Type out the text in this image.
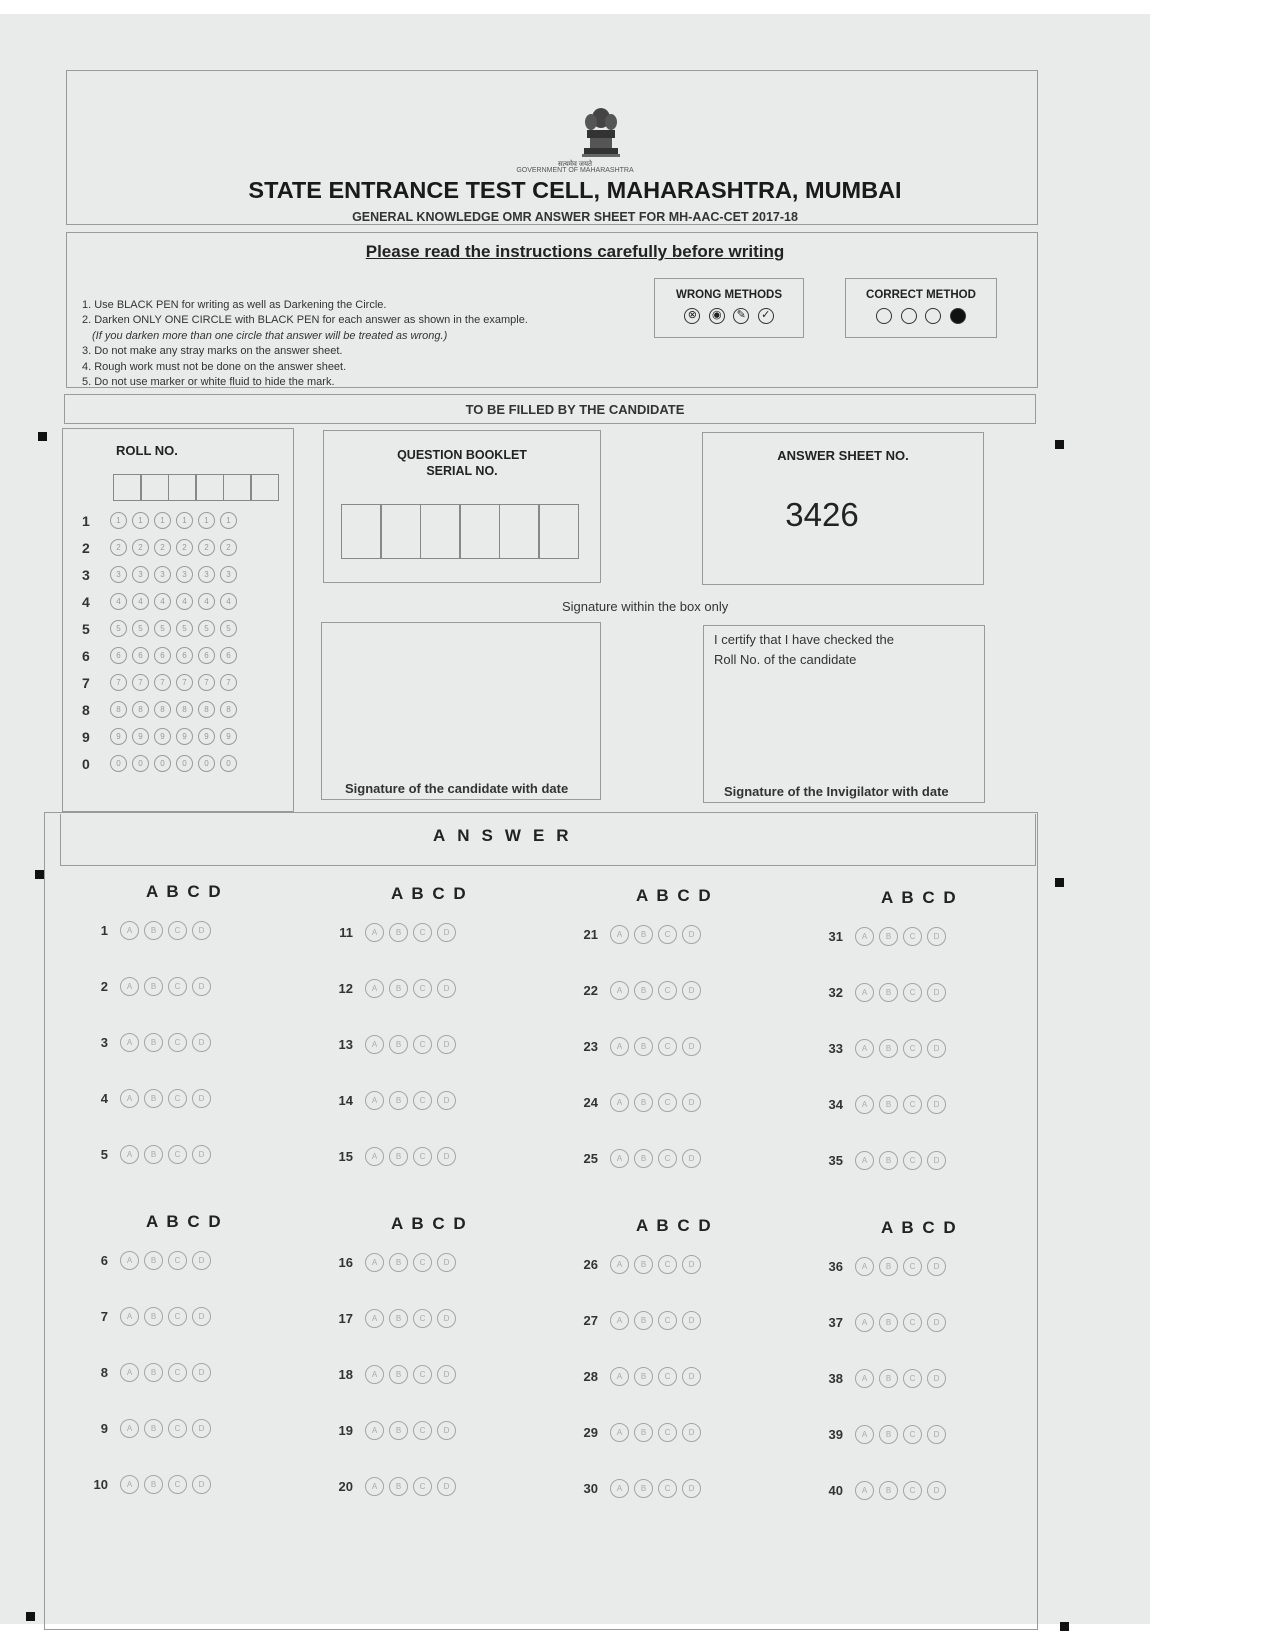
सत्यमेव जयते
GOVERNMENT OF MAHARASHTRA
STATE ENTRANCE TEST CELL, MAHARASHTRA, MUMBAI
GENERAL KNOWLEDGE OMR ANSWER SHEET FOR MH-AAC-CET 2017-18
Please read the instructions carefully before writing
1. Use BLACK PEN for writing as well as Darkening the Circle.
2. Darken ONLY ONE CIRCLE with BLACK PEN for each answer as shown in the example.
(If you darken more than one circle that answer will be treated as wrong.)
3. Do not make any stray marks on the answer sheet.
4. Rough work must not be done on the answer sheet.
5. Do not use marker or white fluid to hide the mark.
WRONG METHODS
⊗ ◉ ✎ ✓
CORRECT METHOD

TO BE FILLED BY THE CANDIDATE
ROLL NO.
1	1	1	1	1	1	1
2	2	2	2	2	2	2
3	3	3	3	3	3	3
4	4	4	4	4	4	4
5	5	5	5	5	5	5
6	6	6	6	6	6	6
7	7	7	7	7	7	7
8	8	8	8	8	8	8
9	9	9	9	9	9	9
0	0	0	0	0	0	0
QUESTION BOOKLET
SERIAL NO.
ANSWER SHEET NO.
3426
Signature within the box only
Signature of the candidate with date
I certify that I have checked the
Roll No. of the candidate
Signature of the Invigilator with date
ANSWER
A B C D
1	A	B	C	D
2	A	B	C	D
3	A	B	C	D
4	A	B	C	D
5	A	B	C	D
A B C D
6	A	B	C	D
7	A	B	C	D
8	A	B	C	D
9	A	B	C	D
10	A	B	C	D
A B C D
11	A	B	C	D
12	A	B	C	D
13	A	B	C	D
14	A	B	C	D
15	A	B	C	D
A B C D
16	A	B	C	D
17	A	B	C	D
18	A	B	C	D
19	A	B	C	D
20	A	B	C	D
A B C D
21	A	B	C	D
22	A	B	C	D
23	A	B	C	D
24	A	B	C	D
25	A	B	C	D
A B C D
26	A	B	C	D
27	A	B	C	D
28	A	B	C	D
29	A	B	C	D
30	A	B	C	D
A B C D
31	A	B	C	D
32	A	B	C	D
33	A	B	C	D
34	A	B	C	D
35	A	B	C	D
A B C D
36	A	B	C	D
37	A	B	C	D
38	A	B	C	D
39	A	B	C	D
40	A	B	C	D
